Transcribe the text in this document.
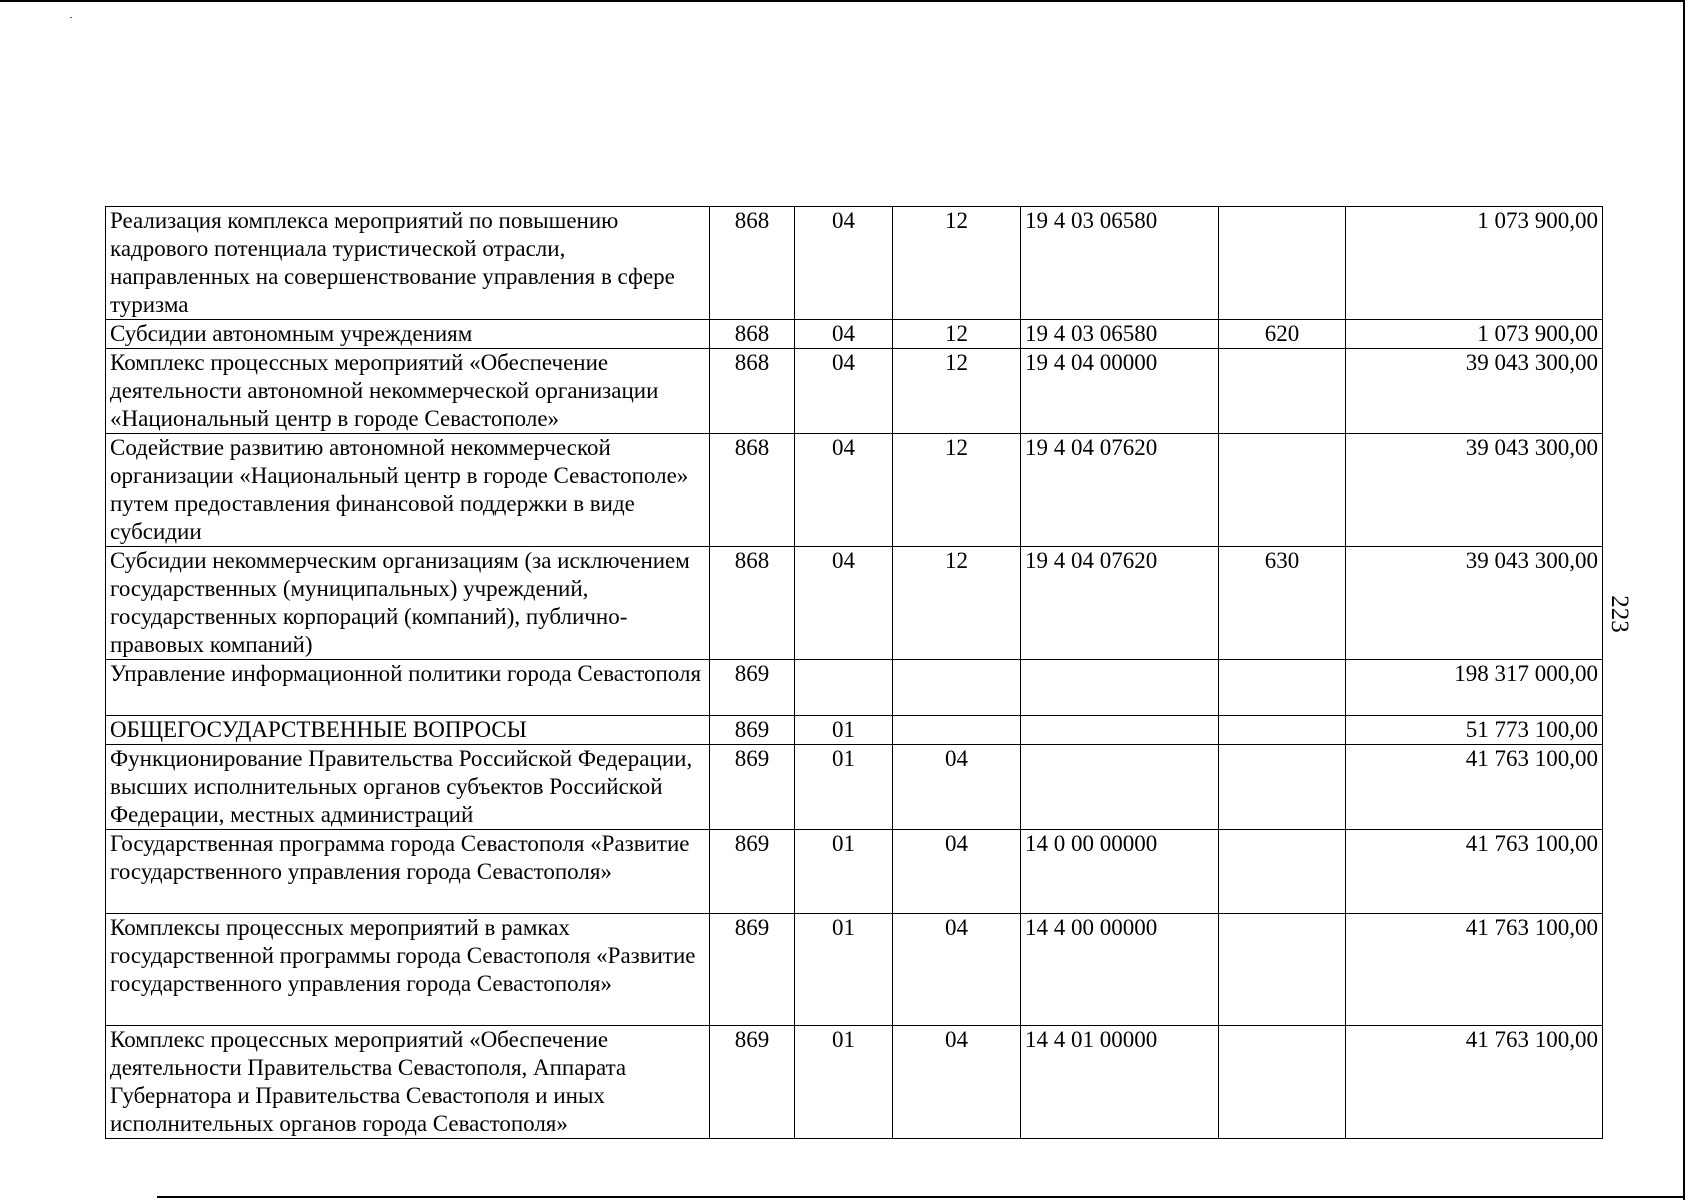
Реализация комплекса мероприятий по повышению кадрового потенциала туристической отрасли, направленных на совершенствование управления в сфере туризма	868	04	12	19 4 03 06580		1 073 900,00
Субсидии автономным учреждениям	868	04	12	19 4 03 06580	620	1 073 900,00
Комплекс процессных мероприятий «Обеспечение деятельности автономной некоммерческой организации «Национальный центр в городе Севастополе»	868	04	12	19 4 04 00000		39 043 300,00
Содействие развитию автономной некоммерческой организации «Национальный центр в городе Севастополе» путем предоставления финансовой поддержки в виде субсидии	868	04	12	19 4 04 07620		39 043 300,00
Субсидии некоммерческим организациям (за исключением государственных (муниципальных) учреждений, государственных корпораций (компаний), публично-правовых компаний)	868	04	12	19 4 04 07620	630	39 043 300,00
Управление информационной политики города Севастополя	869					198 317 000,00
ОБЩЕГОСУДАРСТВЕННЫЕ ВОПРОСЫ	869	01				51 773 100,00
Функционирование Правительства Российской Федерации, высших исполнительных органов субъектов Российской Федерации, местных администраций	869	01	04			41 763 100,00
Государственная программа города Севастополя «Развитие государственного управления города Севастополя»	869	01	04	14 0 00 00000		41 763 100,00
Комплексы процессных мероприятий в рамках государственной программы города Севастополя «Развитие государственного управления города Севастополя»	869	01	04	14 4 00 00000		41 763 100,00
Комплекс процессных мероприятий «Обеспечение деятельности Правительства Севастополя, Аппарата Губернатора и Правительства Севастополя и иных исполнительных органов города Севастополя»	869	01	04	14 4 01 00000		41 763 100,00
223
